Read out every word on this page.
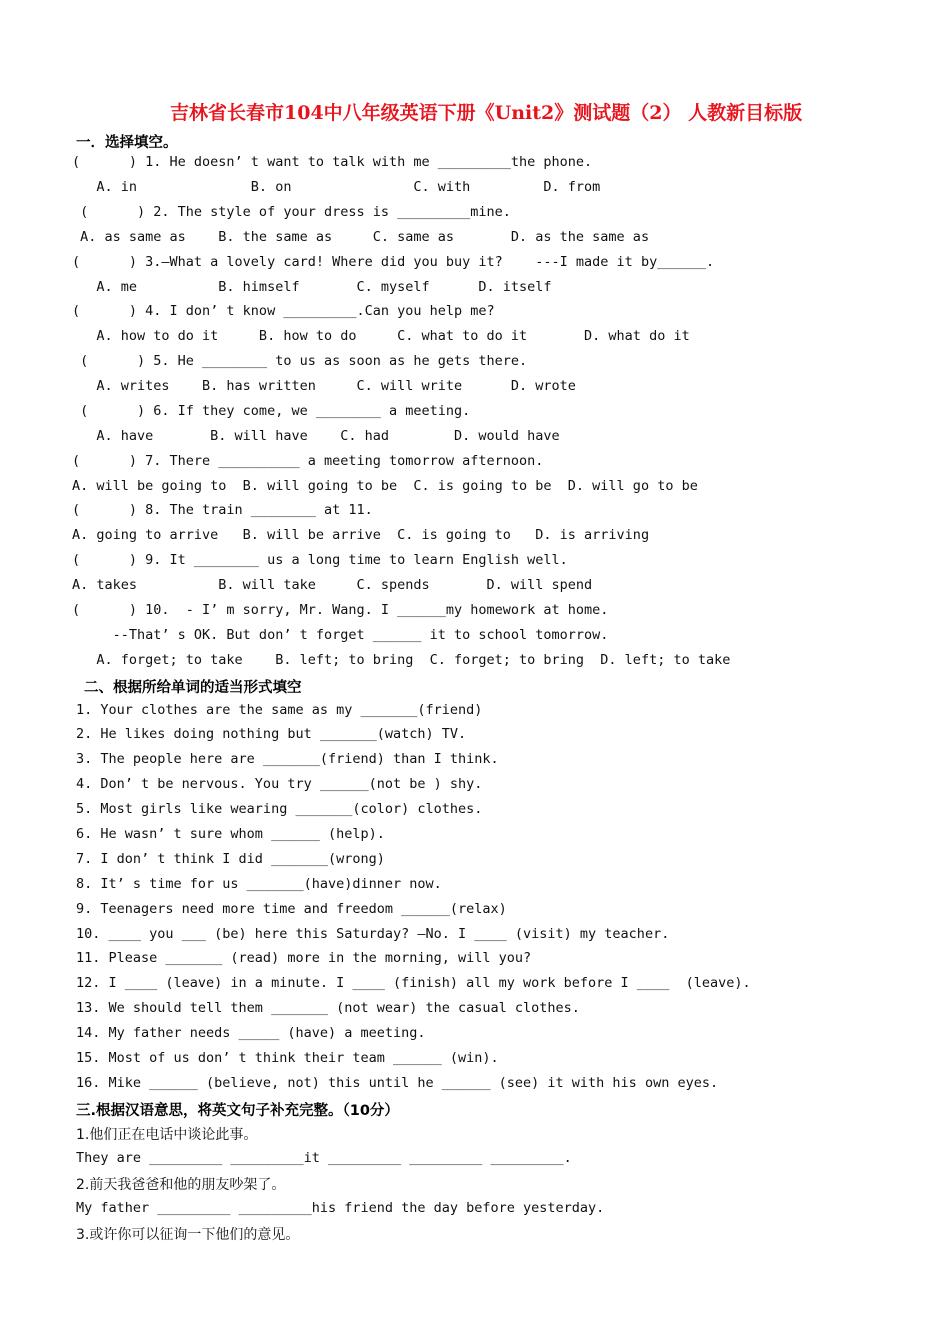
吉林省长春市104中八年级英语下册《Unit2》测试题（2） 人教新目标版
一．选择填空。
(      ) 1. He doesn’ t want to talk with me _________the phone.
A. in              B. on               C. with         D. from
(      ) 2. The style of your dress is _________mine.
A. as same as    B. the same as     C. same as       D. as the same as
(      ) 3.—What a lovely card! Where did you buy it?    ---I made it by______.
A. me          B. himself       C. myself      D. itself
(      ) 4. I don’ t know _________.Can you help me?
A. how to do it     B. how to do     C. what to do it       D. what do it
(      ) 5. He ________ to us as soon as he gets there.
A. writes    B. has written     C. will write      D. wrote
(      ) 6. If they come, we ________ a meeting.
A. have       B. will have    C. had        D. would have
(      ) 7. There __________ a meeting tomorrow afternoon.
A. will be going to  B. will going to be  C. is going to be  D. will go to be
(      ) 8. The train ________ at 11.
A. going to arrive   B. will be arrive  C. is going to   D. is arriving
(      ) 9. It ________ us a long time to learn English well.
A. takes          B. will take     C. spends       D. will spend
(      ) 10.  - I’ m sorry, Mr. Wang. I ______my homework at home.
--That’ s OK. But don’ t forget ______ it to school tomorrow.
A. forget; to take    B. left; to bring  C. forget; to bring  D. left; to take
二、根据所给单词的适当形式填空
1. Your clothes are the same as my _______(friend)
2. He likes doing nothing but _______(watch) TV.
3. The people here are _______(friend) than I think.
4. Don’ t be nervous. You try ______(not be ) shy.
5. Most girls like wearing _______(color) clothes.
6. He wasn’ t sure whom ______ (help).
7. I don’ t think I did _______(wrong)
8. It’ s time for us _______(have)dinner now.
9. Teenagers need more time and freedom ______(relax)
10. ____ you ___ (be) here this Saturday? —No. I ____ (visit) my teacher.
11. Please _______ (read) more in the morning, will you?
12. I ____ (leave) in a minute. I ____ (finish) all my work before I ____  (leave).
13. We should tell them _______ (not wear) the casual clothes.
14. My father needs _____ (have) a meeting.
15. Most of us don’ t think their team ______ (win).
16. Mike ______ (believe, not) this until he ______ (see) it with his own eyes.
三.根据汉语意思，将英文句子补充完整。（10分）
1.他们正在电话中谈论此事。
They are _________ _________it _________ _________ _________.
2.前天我爸爸和他的朋友吵架了。
My father _________ _________his friend the day before yesterday.
3.或许你可以征询一下他们的意见。
